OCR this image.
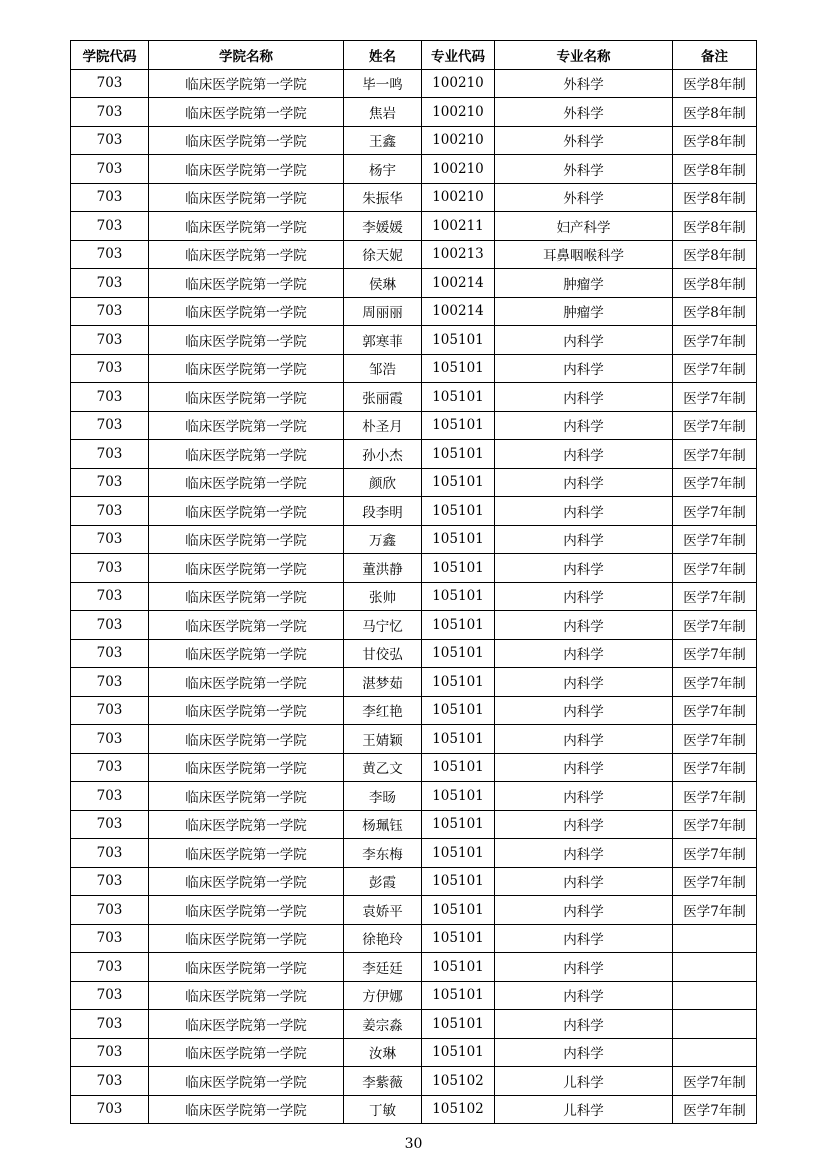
学院代码	学院名称	姓名	专业代码	专业名称	备注
703	临床医学院第一学院	毕一鸣	100210	外科学	医学8年制
703	临床医学院第一学院	焦岩	100210	外科学	医学8年制
703	临床医学院第一学院	王鑫	100210	外科学	医学8年制
703	临床医学院第一学院	杨宇	100210	外科学	医学8年制
703	临床医学院第一学院	朱振华	100210	外科学	医学8年制
703	临床医学院第一学院	李媛媛	100211	妇产科学	医学8年制
703	临床医学院第一学院	徐天妮	100213	耳鼻咽喉科学	医学8年制
703	临床医学院第一学院	侯琳	100214	肿瘤学	医学8年制
703	临床医学院第一学院	周丽丽	100214	肿瘤学	医学8年制
703	临床医学院第一学院	郭寒菲	105101	内科学	医学7年制
703	临床医学院第一学院	邹浩	105101	内科学	医学7年制
703	临床医学院第一学院	张丽霞	105101	内科学	医学7年制
703	临床医学院第一学院	朴圣月	105101	内科学	医学7年制
703	临床医学院第一学院	孙小杰	105101	内科学	医学7年制
703	临床医学院第一学院	颜欣	105101	内科学	医学7年制
703	临床医学院第一学院	段李明	105101	内科学	医学7年制
703	临床医学院第一学院	万鑫	105101	内科学	医学7年制
703	临床医学院第一学院	董洪静	105101	内科学	医学7年制
703	临床医学院第一学院	张帅	105101	内科学	医学7年制
703	临床医学院第一学院	马宁忆	105101	内科学	医学7年制
703	临床医学院第一学院	甘佼弘	105101	内科学	医学7年制
703	临床医学院第一学院	湛梦茹	105101	内科学	医学7年制
703	临床医学院第一学院	李红艳	105101	内科学	医学7年制
703	临床医学院第一学院	王婧颖	105101	内科学	医学7年制
703	临床医学院第一学院	黄乙文	105101	内科学	医学7年制
703	临床医学院第一学院	李旸	105101	内科学	医学7年制
703	临床医学院第一学院	杨珮钰	105101	内科学	医学7年制
703	临床医学院第一学院	李东梅	105101	内科学	医学7年制
703	临床医学院第一学院	彭霞	105101	内科学	医学7年制
703	临床医学院第一学院	袁娇平	105101	内科学	医学7年制
703	临床医学院第一学院	徐艳玲	105101	内科学	
703	临床医学院第一学院	李廷廷	105101	内科学	
703	临床医学院第一学院	方伊娜	105101	内科学	
703	临床医学院第一学院	姜宗淼	105101	内科学	
703	临床医学院第一学院	汝琳	105101	内科学	
703	临床医学院第一学院	李紫薇	105102	儿科学	医学7年制
703	临床医学院第一学院	丁敏	105102	儿科学	医学7年制
30
